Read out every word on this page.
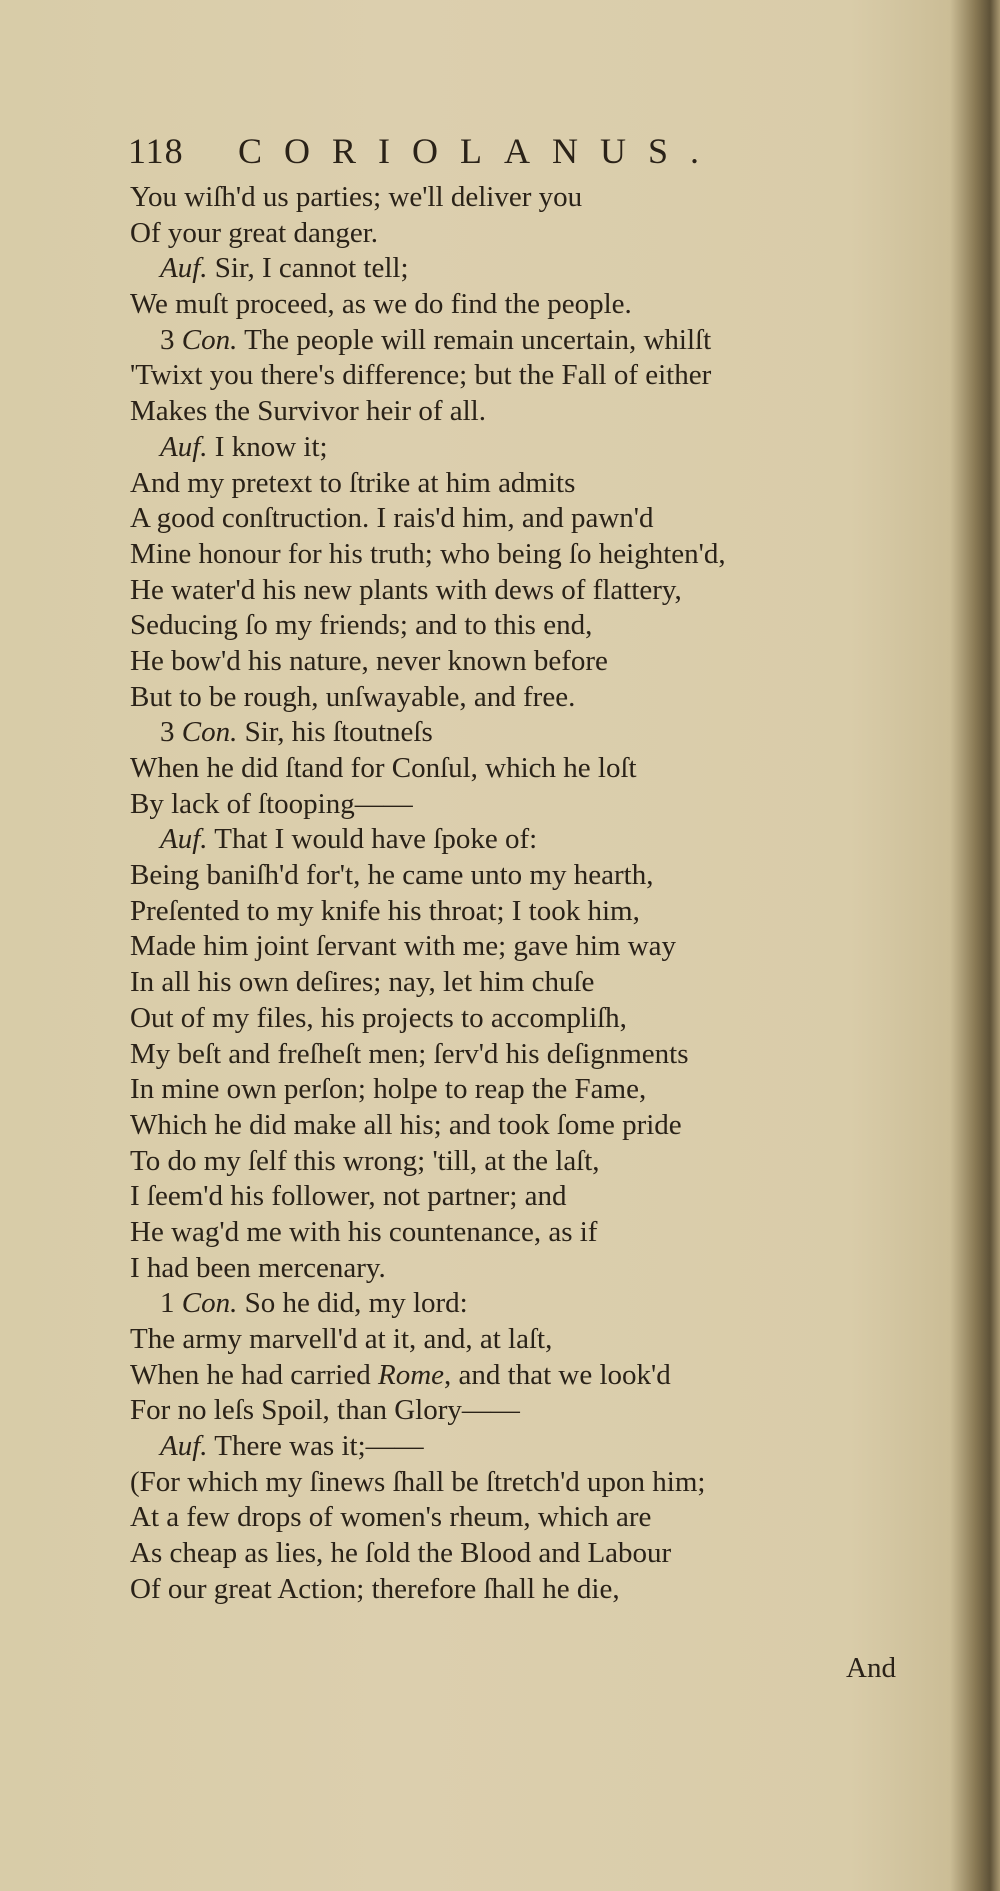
118 CORIOLANUS.
You wiſh'd us parties; we'll deliver you
Of your great danger.
Auf. Sir, I cannot tell;
We muſt proceed, as we do find the people.
3 Con. The people will remain uncertain, whilſt
'Twixt you there's difference; but the Fall of either
Makes the Survivor heir of all.
Auf. I know it;
And my pretext to ſtrike at him admits
A good conſtruction. I rais'd him, and pawn'd
Mine honour for his truth; who being ſo heighten'd,
He water'd his new plants with dews of flattery,
Seducing ſo my friends; and to this end,
He bow'd his nature, never known before
But to be rough, unſwayable, and free.
3 Con. Sir, his ſtoutneſs
When he did ſtand for Conſul, which he loſt
By lack of ſtooping——
Auf. That I would have ſpoke of:
Being baniſh'd for't, he came unto my hearth,
Preſented to my knife his throat; I took him,
Made him joint ſervant with me; gave him way
In all his own deſires; nay, let him chuſe
Out of my files, his projects to accompliſh,
My beſt and freſheſt men; ſerv'd his deſignments
In mine own perſon; holpe to reap the Fame,
Which he did make all his; and took ſome pride
To do my ſelf this wrong; 'till, at the laſt,
I ſeem'd his follower, not partner; and
He wag'd me with his countenance, as if
I had been mercenary.
1 Con. So he did, my lord:
The army marvell'd at it, and, at laſt,
When he had carried Rome, and that we look'd
For no leſs Spoil, than Glory——
Auf. There was it;——
(For which my ſinews ſhall be ſtretch'd upon him;
At a few drops of women's rheum, which are
As cheap as lies, he ſold the Blood and Labour
Of our great Action; therefore ſhall he die,
And
